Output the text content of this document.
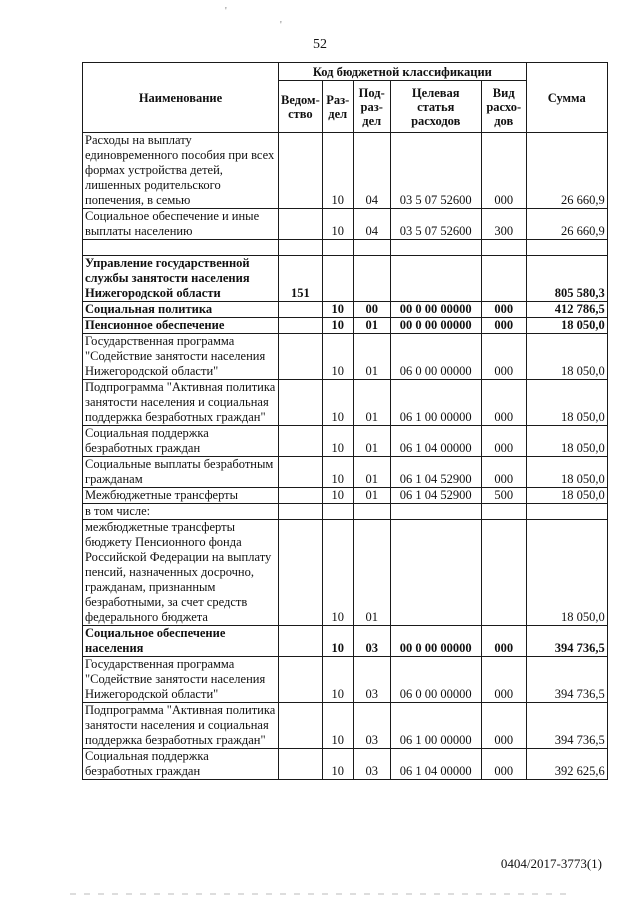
52
'
'
Наименование	Код бюджетной классификации					Сумма
	Ведом-ство	Раз-дел	Под-раз-дел	Целевая статья расходов	Вид расхо-дов	
Расходы на выплату единовременного пособия при всех формах устройства детей, лишенных родительского попечения, в семью		10	04	03 5 07 52600	000	26 660,9
Социальное обеспечение и иные выплаты населению		10	04	03 5 07 52600	300	26 660,9

Управление государственной службы занятости населения Нижегородской области	151					805 580,3
Социальная политика		10	00	00 0 00 00000	000	412 786,5
Пенсионное обеспечение		10	01	00 0 00 00000	000	18 050,0
Государственная программа "Содействие занятости населения Нижегородской области"		10	01	06 0 00 00000	000	18 050,0
Подпрограмма "Активная политика занятости населения и социальная поддержка безработных граждан"		10	01	06 1 00 00000	000	18 050,0
Социальная поддержка безработных граждан		10	01	06 1 04 00000	000	18 050,0
Социальные выплаты безработным гражданам		10	01	06 1 04 52900	000	18 050,0
Межбюджетные трансферты		10	01	06 1 04 52900	500	18 050,0
в том числе:						
межбюджетные трансферты бюджету Пенсионного фонда Российской Федерации на выплату пенсий, назначенных досрочно, гражданам, признанным безработными, за счет средств федерального бюджета		10	01			18 050,0
Социальное обеспечение населения		10	03	00 0 00 00000	000	394 736,5
Государственная программа "Содействие занятости населения Нижегородской области"		10	03	06 0 00 00000	000	394 736,5
Подпрограмма "Активная политика занятости населения и социальная поддержка безработных граждан"		10	03	06 1 00 00000	000	394 736,5
Социальная поддержка безработных граждан		10	03	06 1 04 00000	000	392 625,6
0404/2017-3773(1)
